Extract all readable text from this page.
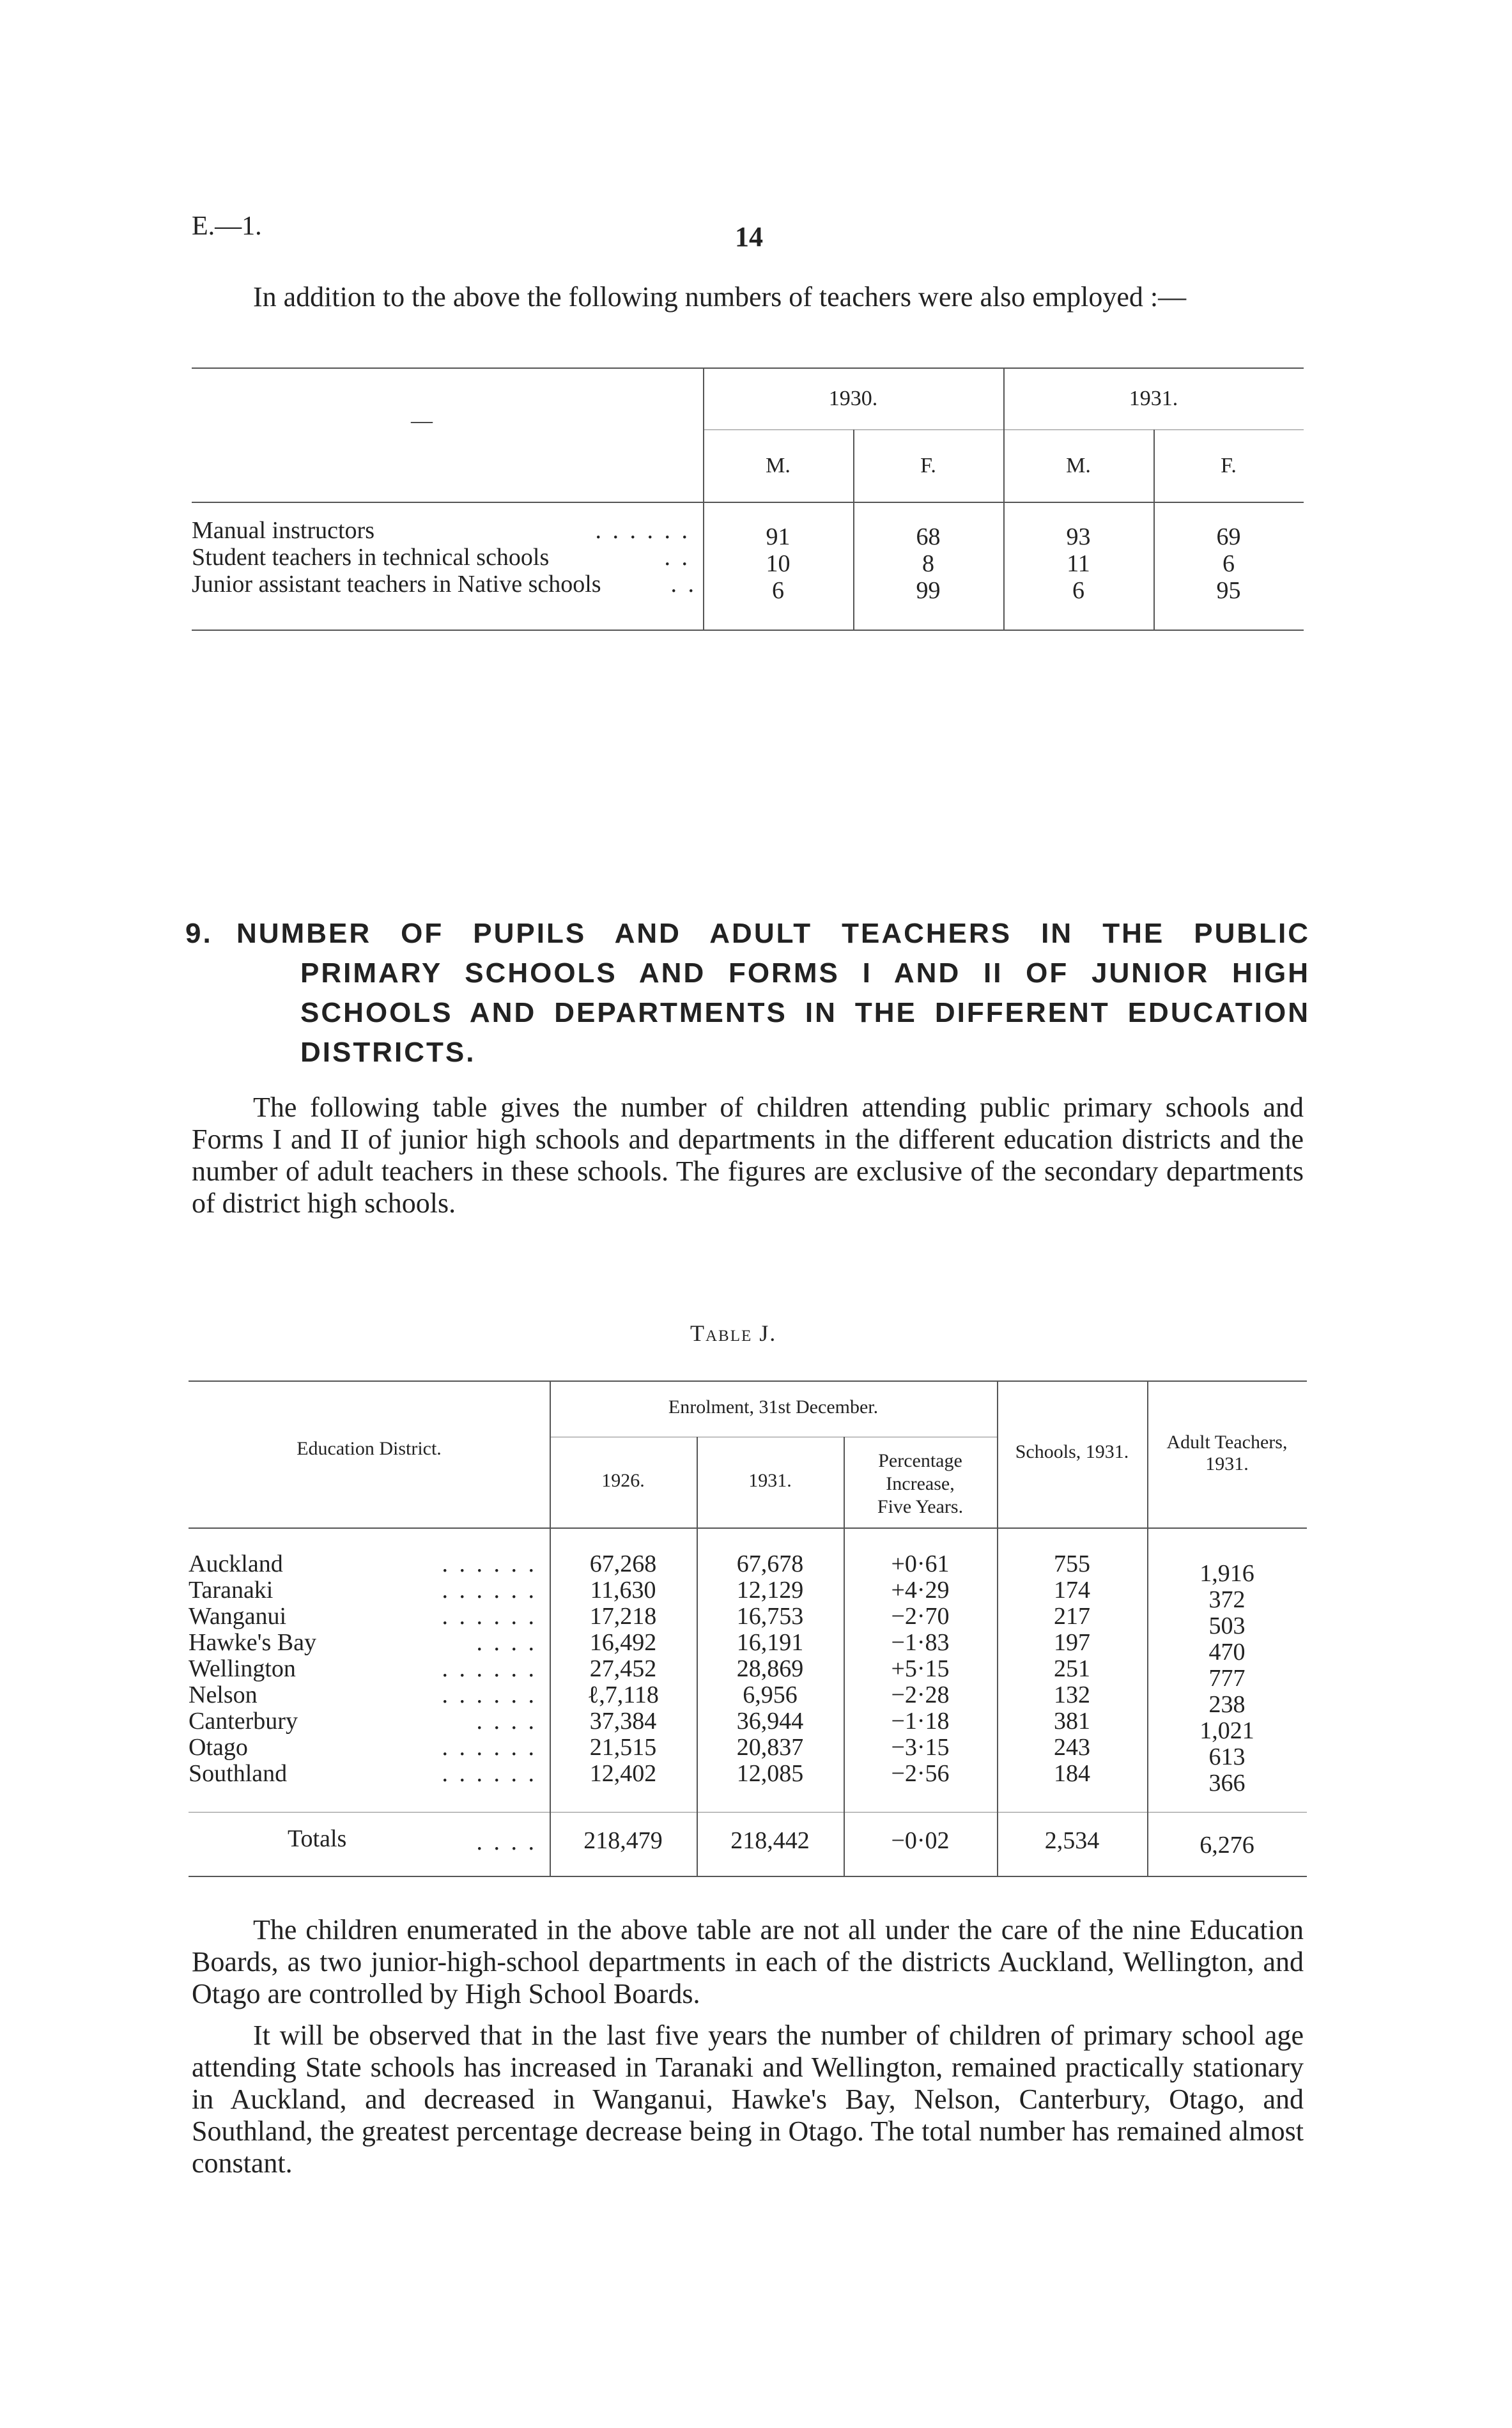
E.—1.	14
In addition to the above the following numbers of teachers were also employed :—
—
1930.	1931.
M.	F.	M.	F.
Manual instructors	. . . . . .	91	68	93	69
Student teachers in technical schools	. .	10	8	11	6
Junior assistant teachers in Native schools	. .	6	99	6	95
9. NUMBER OF PUPILS AND ADULT TEACHERS IN THE PUBLIC
PRIMARY SCHOOLS AND FORMS I AND II OF JUNIOR HIGH
SCHOOLS AND DEPARTMENTS IN THE DIFFERENT EDUCATION
DISTRICTS.
The following table gives the number of children attending public primary schools and Forms I and II of junior high schools and departments in the different education districts and the number of adult teachers in these schools. The figures are exclusive of the secondary departments of district high schools.
Table J.
Education District.
Enrolment, 31st December.
1926.	1931.
Percentage
Increase,
Five Years.
Schools, 1931.	Adult Teachers,
1931.
Auckland	. . . . . .	67,268	67,678	+0·61	755	1,916
Taranaki	. . . . . .	11,630	12,129	+4·29	174	372
Wanganui	. . . . . .	17,218	16,753	−2·70	217	503
Hawke's Bay	. . . .	16,492	16,191	−1·83	197	470
Wellington	. . . . . .	27,452	28,869	+5·15	251	777
Nelson	. . . . . .	ℓ,7,118	6,956	−2·28	132	238
Canterbury	. . . .	37,384	36,944	−1·18	381	1,021
Otago	. . . . . .	21,515	20,837	−3·15	243	613
Southland	. . . . . .	12,402	12,085	−2·56	184	366
Totals	. . . .	218,479	218,442	−0·02	2,534	6,276
The children enumerated in the above table are not all under the care of the nine Education Boards, as two junior-high-school departments in each of the districts Auckland, Wellington, and Otago are controlled by High School Boards.
It will be observed that in the last five years the number of children of primary school age attending State schools has increased in Taranaki and Wellington, remained practically stationary in Auckland, and decreased in Wanganui, Hawke's Bay, Nelson, Canterbury, Otago, and Southland, the greatest percentage decrease being in Otago. The total number has remained almost constant.
